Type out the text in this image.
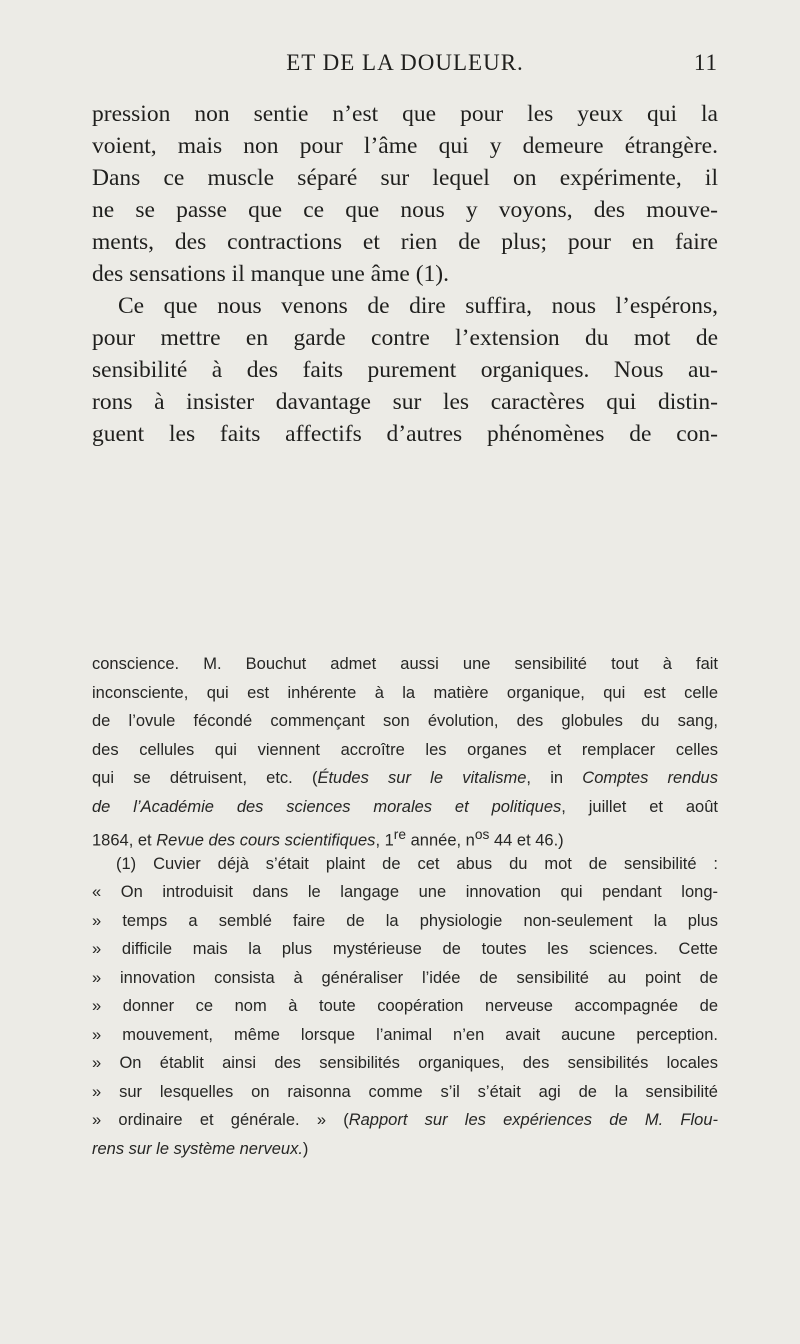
ET DE LA DOULEUR.	11
pression non sentie n’est que pour les yeux qui la
voient, mais non pour l’âme qui y demeure étrangère.
Dans ce muscle séparé sur lequel on expérimente, il
ne se passe que ce que nous y voyons, des mouve-
ments, des contractions et rien de plus; pour en faire
des sensations il manque une âme (1).
Ce que nous venons de dire suffira, nous l’espérons,
pour mettre en garde contre l’extension du mot de
sensibilité à des faits purement organiques. Nous au-
rons à insister davantage sur les caractères qui distin-
guent les faits affectifs d’autres phénomènes de con-
conscience. M. Bouchut admet aussi une sensibilité tout à fait
inconsciente, qui est inhérente à la matière organique, qui est celle
de l’ovule fécondé commençant son évolution, des globules du sang,
des cellules qui viennent accroître les organes et remplacer celles
qui se détruisent, etc. (Études sur le vitalisme, in Comptes rendus
de l’Académie des sciences morales et politiques, juillet et août
1864, et Revue des cours scientifiques, 1re année, $n^{os}$ 44 et 46.)
(1) Cuvier déjà s’était plaint de cet abus du mot de sensibilité :
« On introduisit dans le langage une innovation qui pendant long-
» temps a semblé faire de la physiologie non-seulement la plus
» difficile mais la plus mystérieuse de toutes les sciences. Cette
» innovation consista à généraliser l’idée de sensibilité au point de
» donner ce nom à toute coopération nerveuse accompagnée de
» mouvement, même lorsque l’animal n’en avait aucune perception.
» On établit ainsi des sensibilités organiques, des sensibilités locales
» sur lesquelles on raisonna comme s’il s’était agi de la sensibilité
» ordinaire et générale. » (Rapport sur les expériences de M. Flou-
rens sur le système nerveux.)
